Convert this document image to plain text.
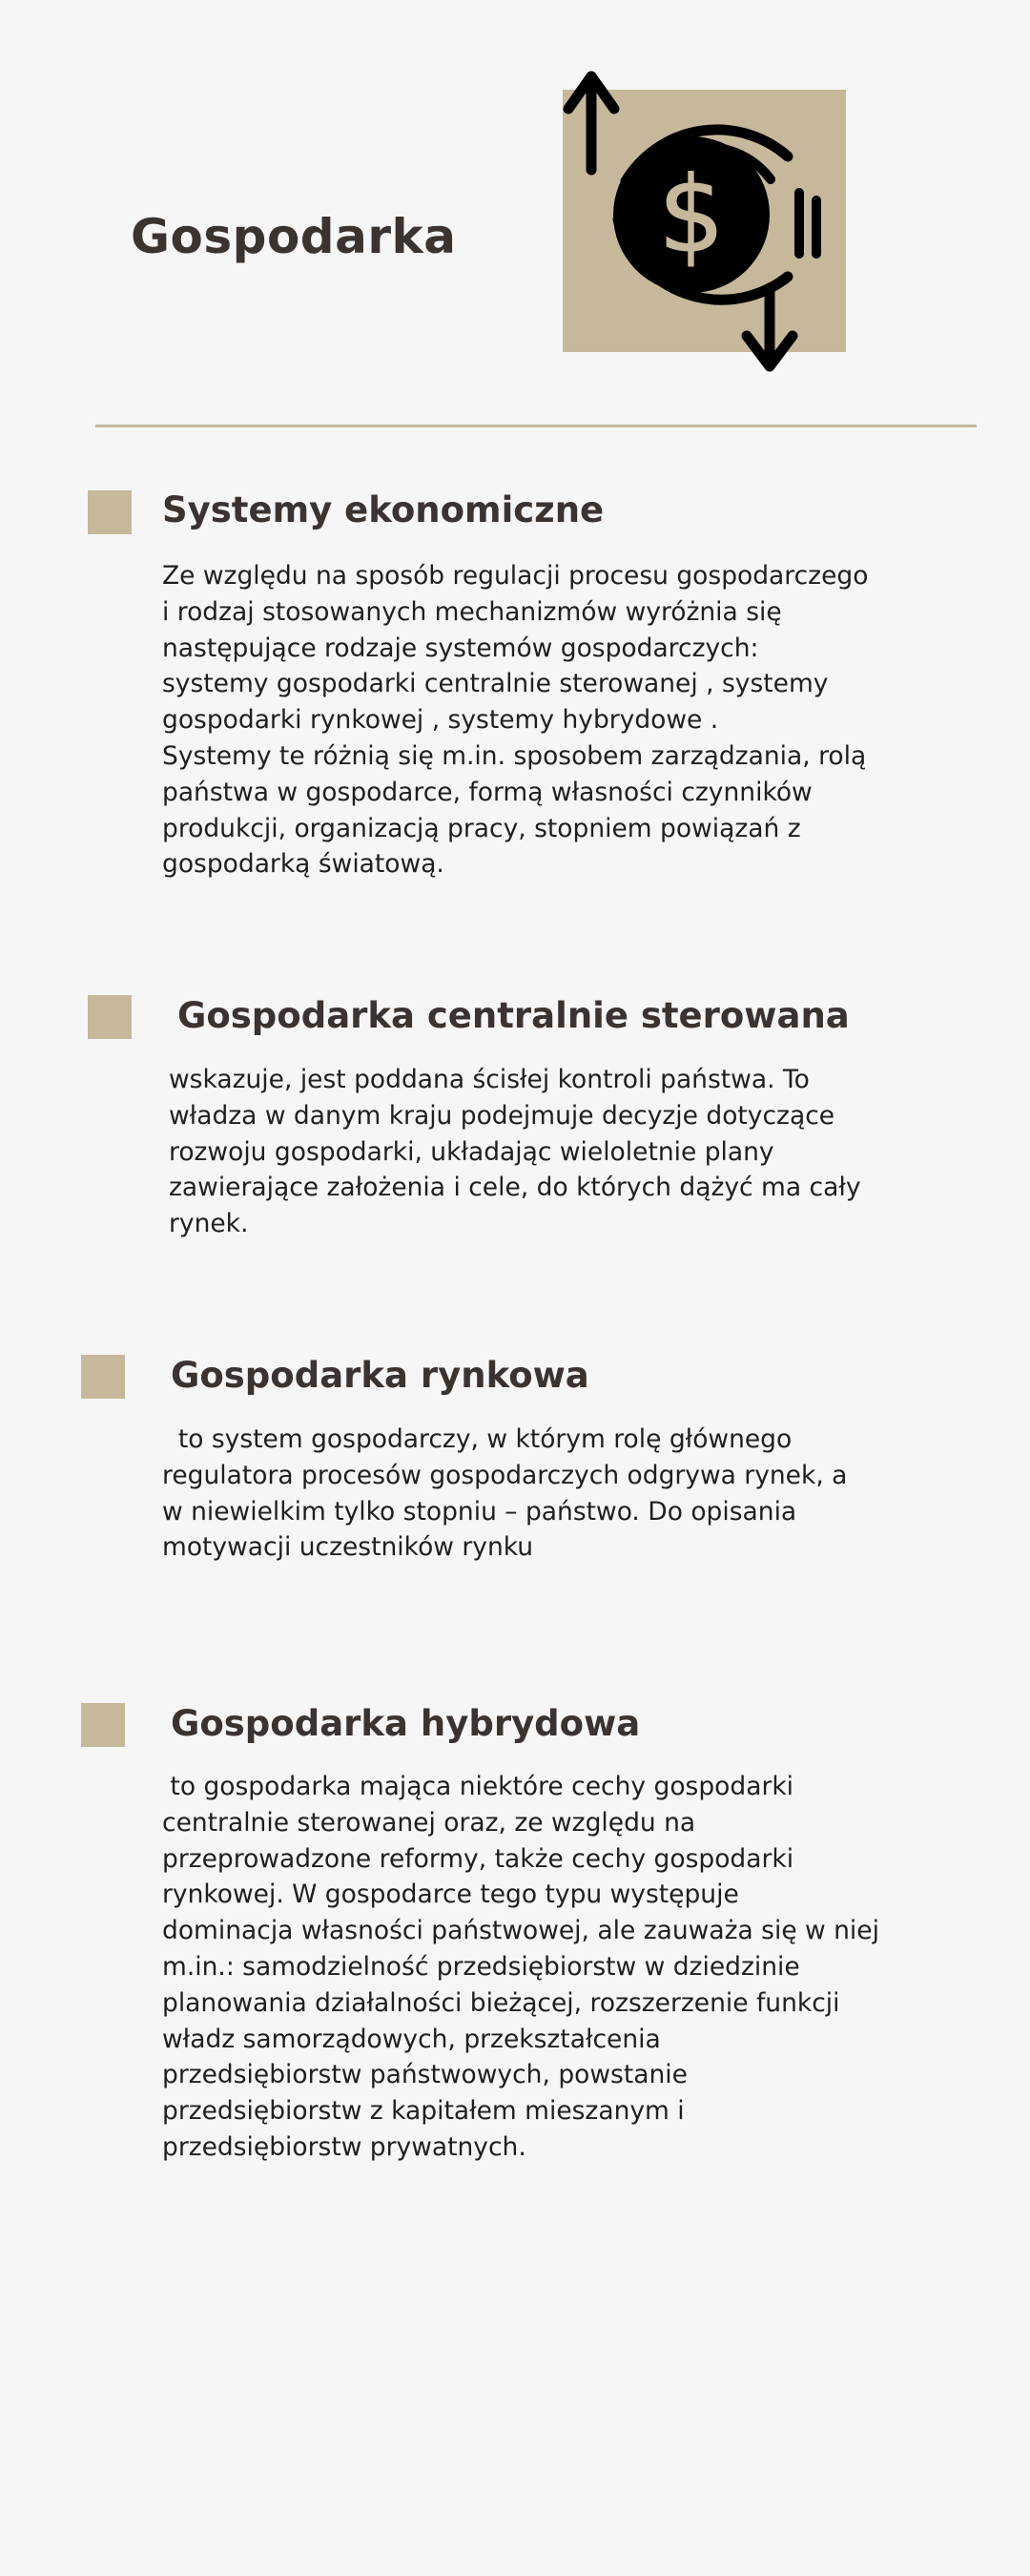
Gospodarka $
Systemy ekonomiczne
Ze względu na sposób regulacji procesu gospodarczego
i rodzaj stosowanych mechanizmów wyróżnia się
następujące rodzaje systemów gospodarczych:
systemy gospodarki centralnie sterowanej , systemy
gospodarki rynkowej , systemy hybrydowe .
Systemy te różnią się m.in. sposobem zarządzania, rolą
państwa w gospodarce, formą własności czynników
produkcji, organizacją pracy, stopniem powiązań z
gospodarką światową.
Gospodarka centralnie sterowana
wskazuje, jest poddana ścisłej kontroli państwa. To
władza w danym kraju podejmuje decyzje dotyczące
rozwoju gospodarki, układając wieloletnie plany
zawierające założenia i cele, do których dążyć ma cały
rynek.
Gospodarka rynkowa
to system gospodarczy, w którym rolę głównego
regulatora procesów gospodarczych odgrywa rynek, a
w niewielkim tylko stopniu – państwo. Do opisania
motywacji uczestników rynku
Gospodarka hybrydowa
to gospodarka mająca niektóre cechy gospodarki
centralnie sterowanej oraz, ze względu na
przeprowadzone reformy, także cechy gospodarki
rynkowej. W gospodarce tego typu występuje
dominacja własności państwowej, ale zauważa się w niej
m.in.: samodzielność przedsiębiorstw w dziedzinie
planowania działalności bieżącej, rozszerzenie funkcji
władz samorządowych, przekształcenia
przedsiębiorstw państwowych, powstanie
przedsiębiorstw z kapitałem mieszanym i
przedsiębiorstw prywatnych.
